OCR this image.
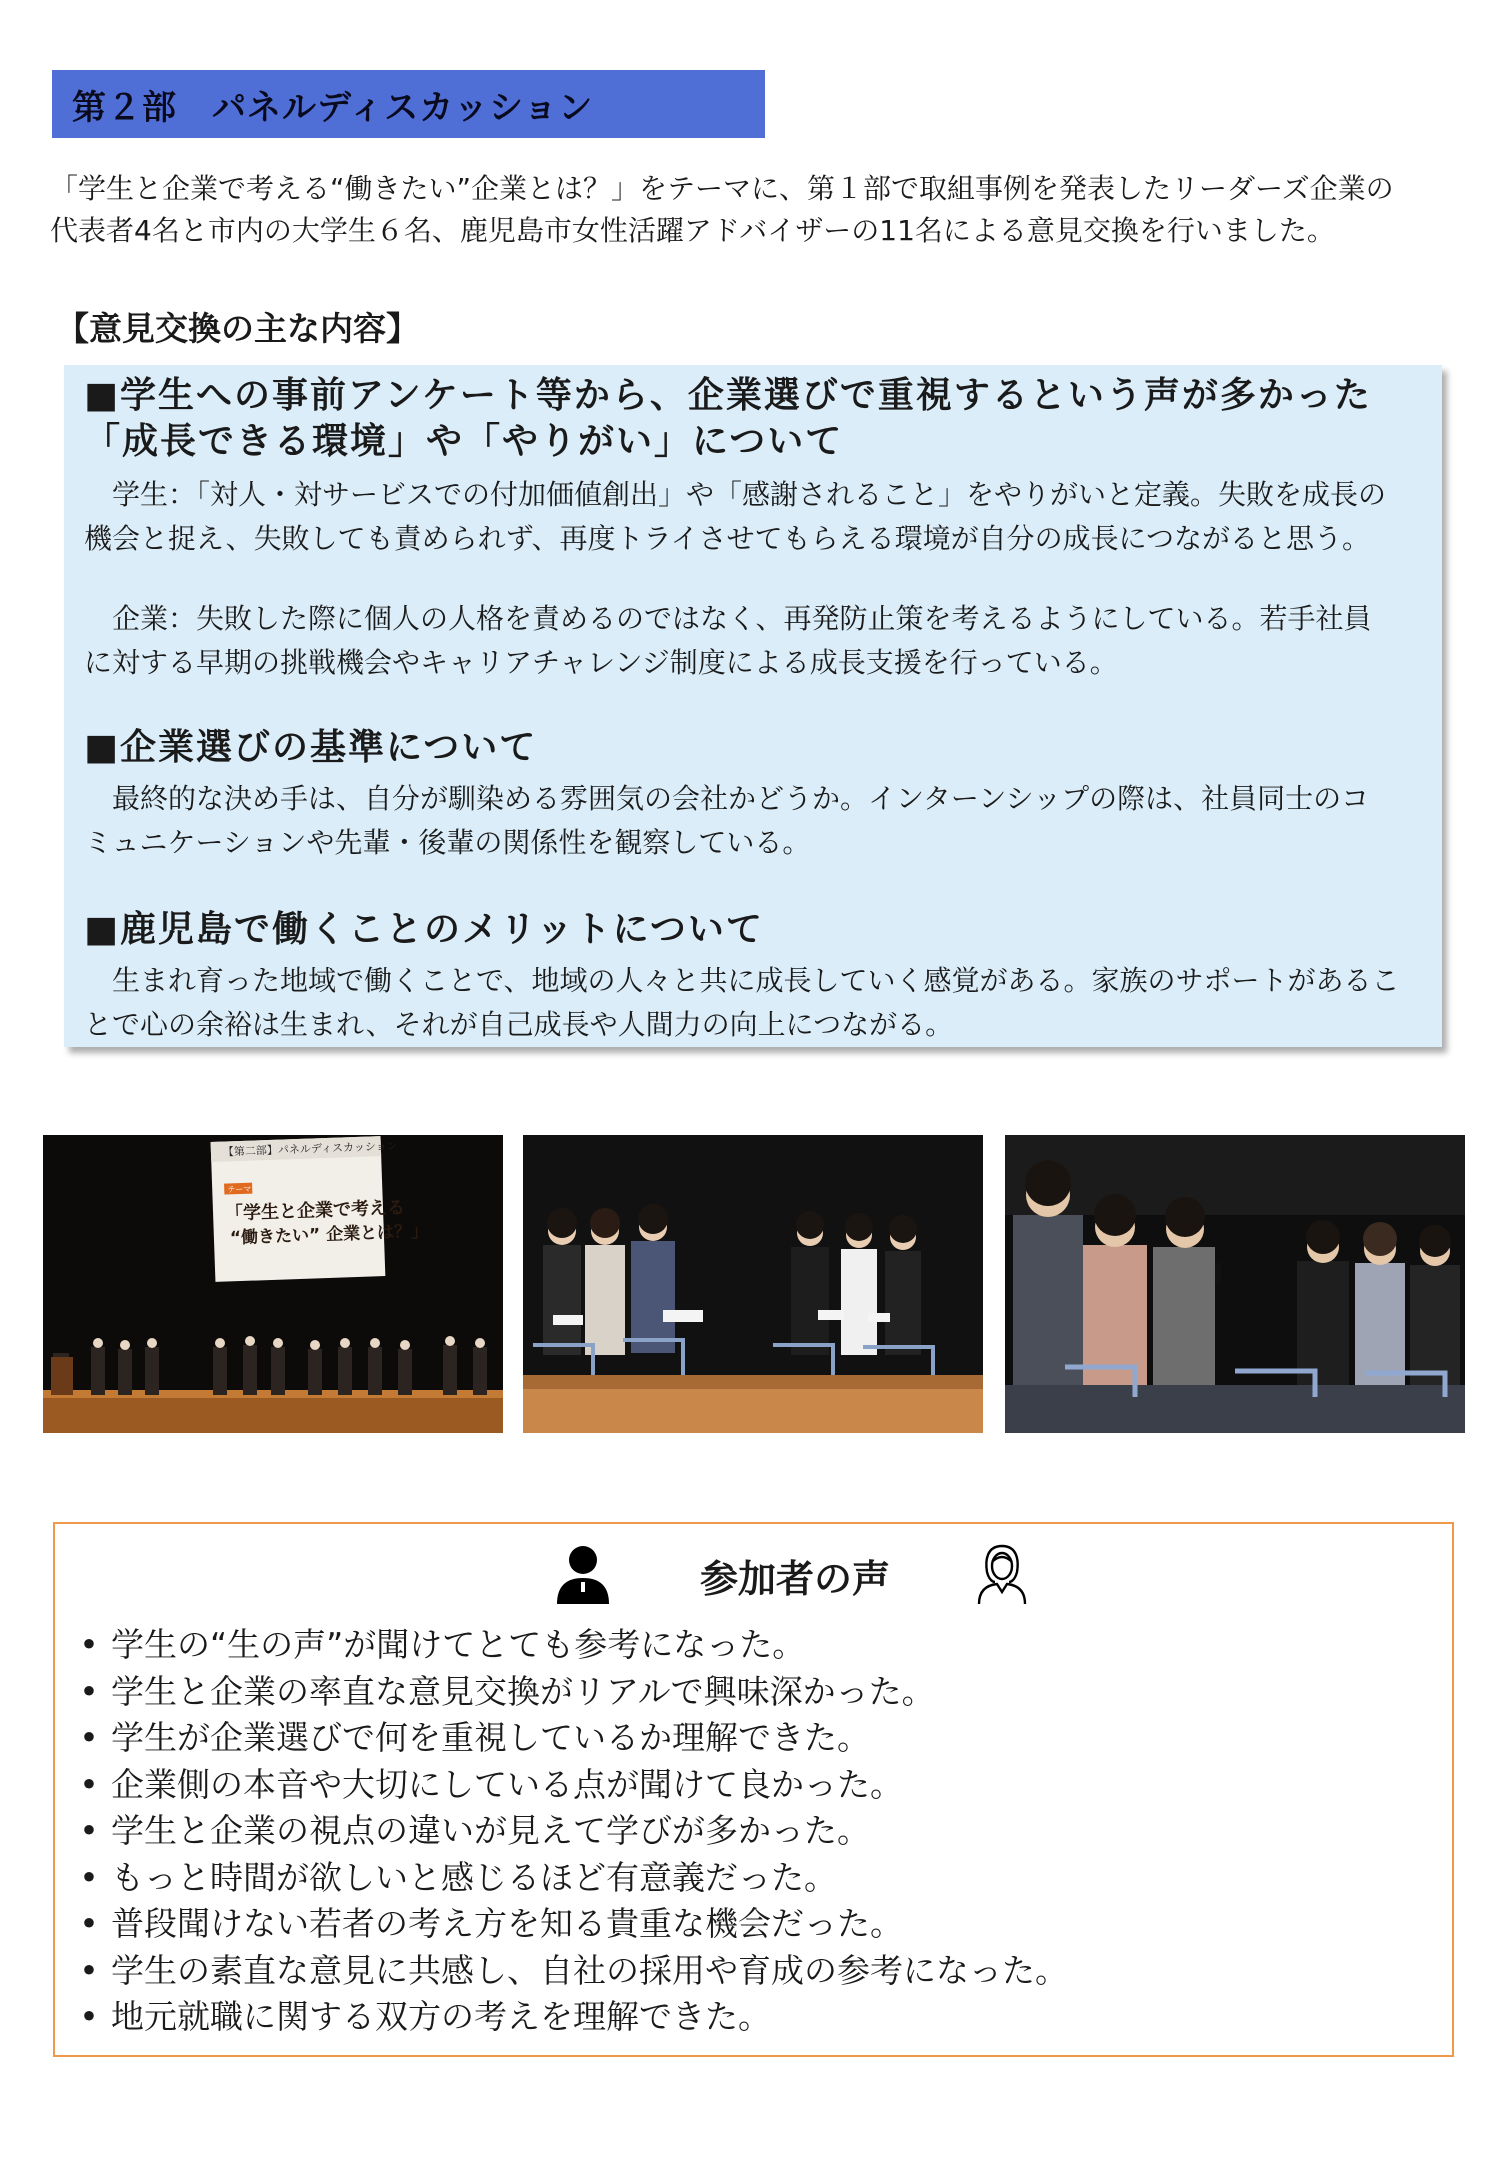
第２部　パネルディスカッション

「学生と企業で考える“働きたい”企業とは？」をテーマに、第１部で取組事例を発表したリーダーズ企業の
代表者4名と市内の大学生６名、鹿児島市女性活躍アドバイザーの11名による意見交換を行いました。

【意見交換の主な内容】
■学生への事前アンケート等から、企業選びで重視するという声が多かった
「成長できる環境」や「やりがい」について

　学生：「対人・対サービスでの付加価値創出」や「感謝されること」をやりがいと定義。失敗を成長の
機会と捉え、失敗しても責められず、再度トライさせてもらえる環境が自分の成長につながると思う。

　企業：失敗した際に個人の人格を責めるのではなく、再発防止策を考えるようにしている。若手社員
に対する早期の挑戦機会やキャリアチャレンジ制度による成長支援を行っている。

■企業選びの基準について

　最終的な決め手は、自分が馴染める雰囲気の会社かどうか。インターンシップの際は、社員同士のコ
ミュニケーションや先輩・後輩の関係性を観察している。

■鹿児島で働くことのメリットについて

　生まれ育った地域で働くことで、地域の人々と共に成長していく感覚がある。家族のサポートがあるこ
とで心の余裕は生まれ、それが自己成長や人間力の向上につながる。

【第二部】パネルディスカッション
テーマ
「学生と企業で考える
“働きたい” 企業とは？」
参加者の声
• 学生の“生の声”が聞けてとても参考になった。
• 学生と企業の率直な意見交換がリアルで興味深かった。
• 学生が企業選びで何を重視しているか理解できた。
• 企業側の本音や大切にしている点が聞けて良かった。
• 学生と企業の視点の違いが見えて学びが多かった。
• もっと時間が欲しいと感じるほど有意義だった。
• 普段聞けない若者の考え方を知る貴重な機会だった。
• 学生の素直な意見に共感し、自社の採用や育成の参考になった。
• 地元就職に関する双方の考えを理解できた。
